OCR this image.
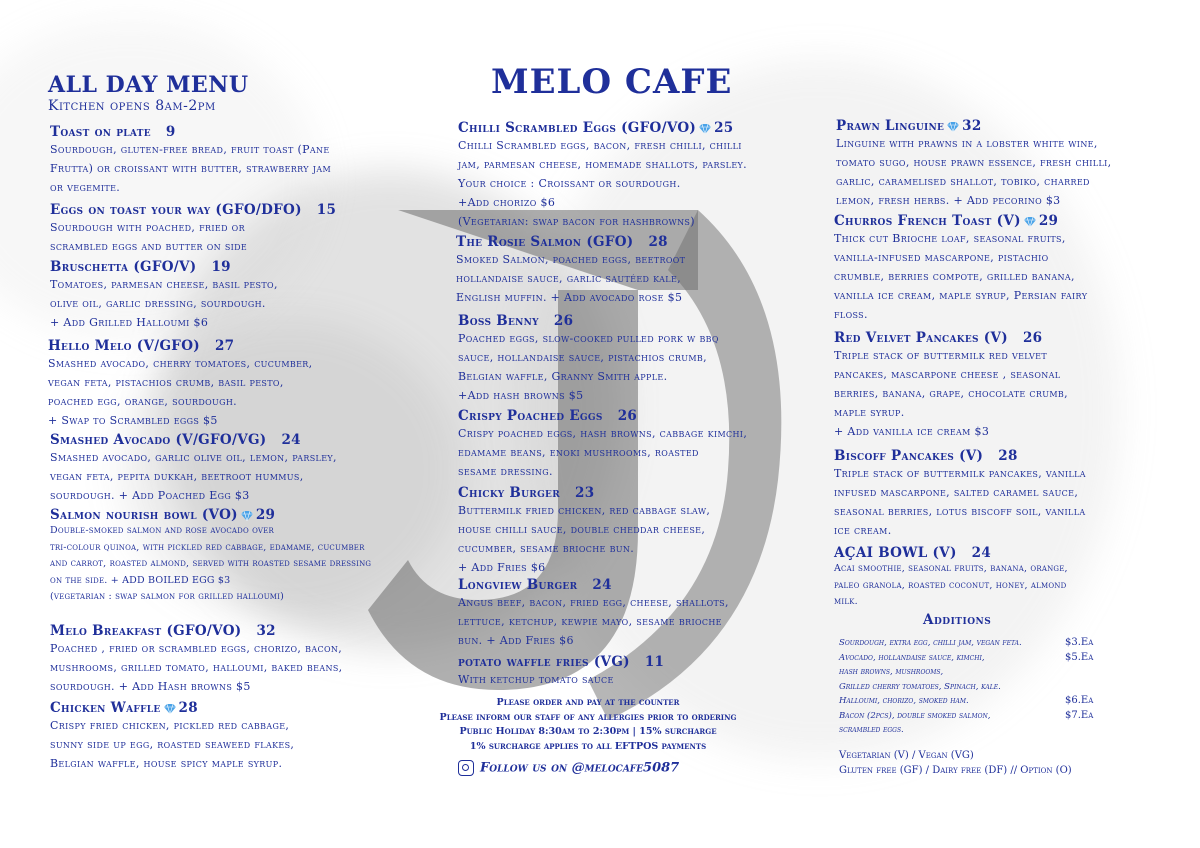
ALL DAY MENU
Kitchen opens 8am-2pm
Toast on plate 9
Sourdough, gluten-free bread, fruit toast (Pane
Frutta) or croissant with butter, strawberry jam
or vegemite.
Eggs on toast your way (GFO/DFO) 15
Sourdough with poached, fried or
scrambled eggs and butter on side
Bruschetta (GFO/V) 19
Tomatoes, parmesan cheese, basil pesto,
olive oil, garlic dressing, sourdough.
+ Add Grilled Halloumi $6
Hello Melo (V/GFO) 27
Smashed avocado, cherry tomatoes, cucumber,
vegan feta, pistachios crumb, basil pesto,
poached egg, orange, sourdough.
+ Swap to Scrambled eggs $5
Smashed Avocado (V/GFO/VG) 24
Smashed avocado, garlic olive oil, lemon, parsley,
vegan feta, pepita dukkah, beetroot hummus,
sourdough. + Add Poached Egg $3
Salmon nourish bowl (VO) 29
Double-smoked salmon and rose avocado over
tri-colour quinoa, with pickled red cabbage, edamame, cucumber
and carrot, roasted almond, served with roasted sesame dressing
on the side. + ADD BOILED EGG $3
(vegetarian : swap salmon for grilled halloumi)
Melo Breakfast (GFO/VO) 32
Poached , fried or scrambled eggs, chorizo, bacon,
mushrooms, grilled tomato, halloumi, baked beans,
sourdough. + Add Hash browns $5
Chicken Waffle 28
Crispy fried chicken, pickled red cabbage,
sunny side up egg, roasted seaweed flakes,
Belgian waffle, house spicy maple syrup.
MELO CAFE
Chilli Scrambled Eggs (GFO/VO) 25
Chilli Scrambled eggs, bacon, fresh chilli, chilli
jam, parmesan cheese, homemade shallots, parsley.
Your choice : Croissant or sourdough.
+Add chorizo $6
(Vegetarian: swap bacon for hashbrowns)
The Rosie Salmon (GFO) 28
Smoked Salmon, poached eggs, beetroot
hollandaise sauce, garlic sautéed kale,
English muffin. + Add avocado rose $5
Boss Benny 26
Poached eggs, slow-cooked pulled pork w bbq
sauce, hollandaise sauce, pistachios crumb,
Belgian waffle, Granny Smith apple.
+Add hash browns $5
Crispy Poached Eggs 26
Crispy poached eggs, hash browns, cabbage kimchi,
edamame beans, enoki mushrooms, roasted
sesame dressing.
Chicky Burger 23
Buttermilk fried chicken, red cabbage slaw,
house chilli sauce, double cheddar cheese,
cucumber, sesame brioche bun.
+ Add Fries $6
Longview Burger 24
Angus beef, bacon, fried egg, cheese, shallots,
lettuce, ketchup, kewpie mayo, sesame brioche
bun. + Add Fries $6
potato waffle fries (VG) 11
With ketchup tomato sauce
Please order and pay at the counter
Please inform our staff of any allergies prior to ordering
Public Holiday 8:30am to 2:30pm | 15% surcharge
1% surcharge applies to all EFTPOS payments
Follow us on @melocafe5087
Prawn Linguine 32
Linguine with prawns in a lobster white wine,
tomato sugo, house prawn essence, fresh chilli,
garlic, caramelised shallot, tobiko, charred
lemon, fresh herbs. + Add pecorino $3
Churros French Toast (V) 29
Thick cut Brioche loaf, seasonal fruits,
vanilla-infused mascarpone, pistachio
crumble, berries compote, grilled banana,
vanilla ice cream, maple syrup, Persian fairy
floss.
Red Velvet Pancakes (V) 26
Triple stack of buttermilk red velvet
pancakes, mascarpone cheese , seasonal
berries, banana, grape, chocolate crumb,
maple syrup.
+ Add vanilla ice cream $3
Biscoff Pancakes (V) 28
Triple stack of buttermilk pancakes, vanilla
infused mascarpone, salted caramel sauce,
seasonal berries, lotus biscoff soil, vanilla
ice cream.
AÇAI BOWL (V) 24
Acai smoothie, seasonal fruits, banana, orange,
paleo granola, roasted coconut, honey, almond
milk.
Additions
Sourdough, extra egg, chilli jam, vegan feta.	$3.Ea
Avocado, hollandaise sauce, kimchi,	$5.Ea
hash browns, mushrooms,
Grilled cherry tomatoes, Spinach, kale.
Halloumi, chorizo, smoked ham.	$6.Ea
Bacon (2pcs), double smoked salmon,	$7.Ea
scrambled eggs.
Vegetarian (V) / Vegan (VG)
Gluten free (GF) / Dairy free (DF) // Option (O)
